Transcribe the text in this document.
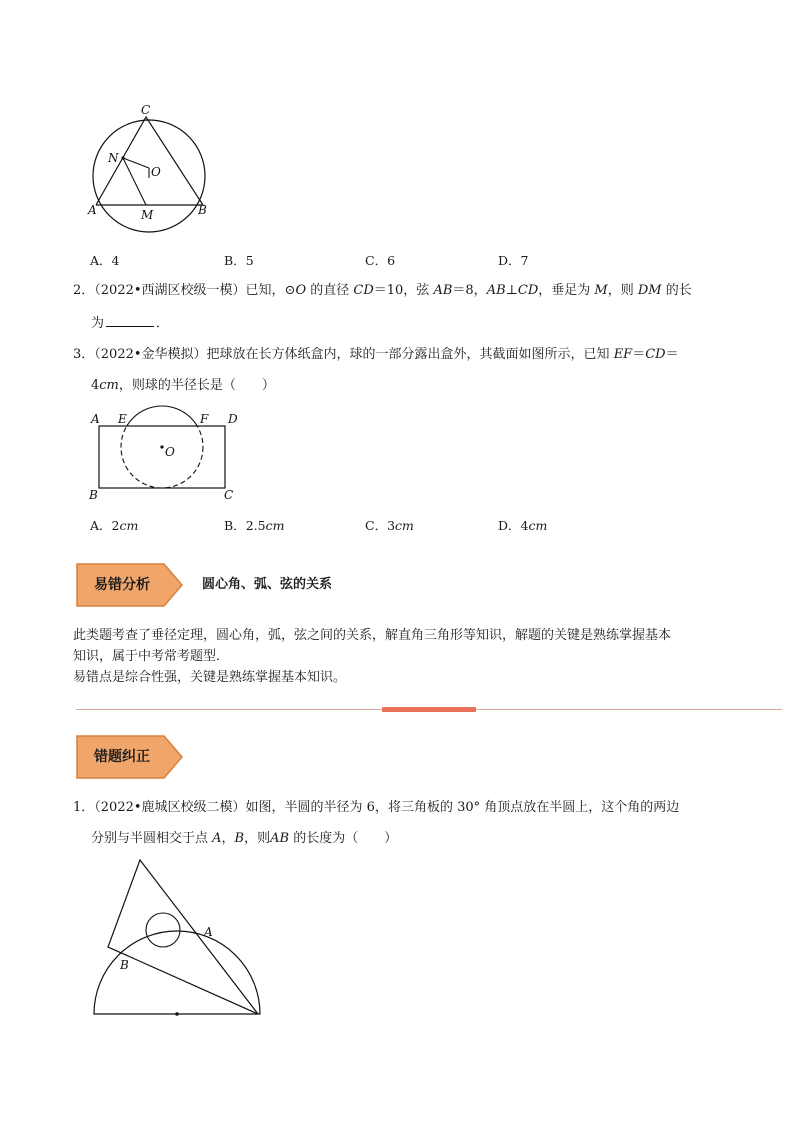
C
N
O
A	M	B
A．4	B．5	C．6	D．7
2．（2022•西湖区校级一模）已知，⊙O 的直径 CD＝10，弦 AB＝8，AB⊥CD，垂足为 M，则 DM 的长
为	．
3．（2022•金华模拟）把球放在长方体纸盒内，球的一部分露出盒外，其截面如图所示，已知 EF＝CD＝
4cm，则球的半径长是（　　）
A E	F D
O
B	C
A．2cm	B．2.5cm	C．3cm	D．4cm
易错分析	圆心角、弧、弦的关系
此类题考查了垂径定理，圆心角，弧，弦之间的关系，解直角三角形等知识，解题的关键是熟练掌握基本
知识，属于中考常考题型．
易错点是综合性强，关键是熟练掌握基本知识。
错题纠正
1．（2022•鹿城区校级二模）如图，半圆的半径为 6，将三角板的 30° 角顶点放在半圆上，这个角的两边
分别与半圆相交于点 A，B，则AB 的长度为（　　）
A
B
